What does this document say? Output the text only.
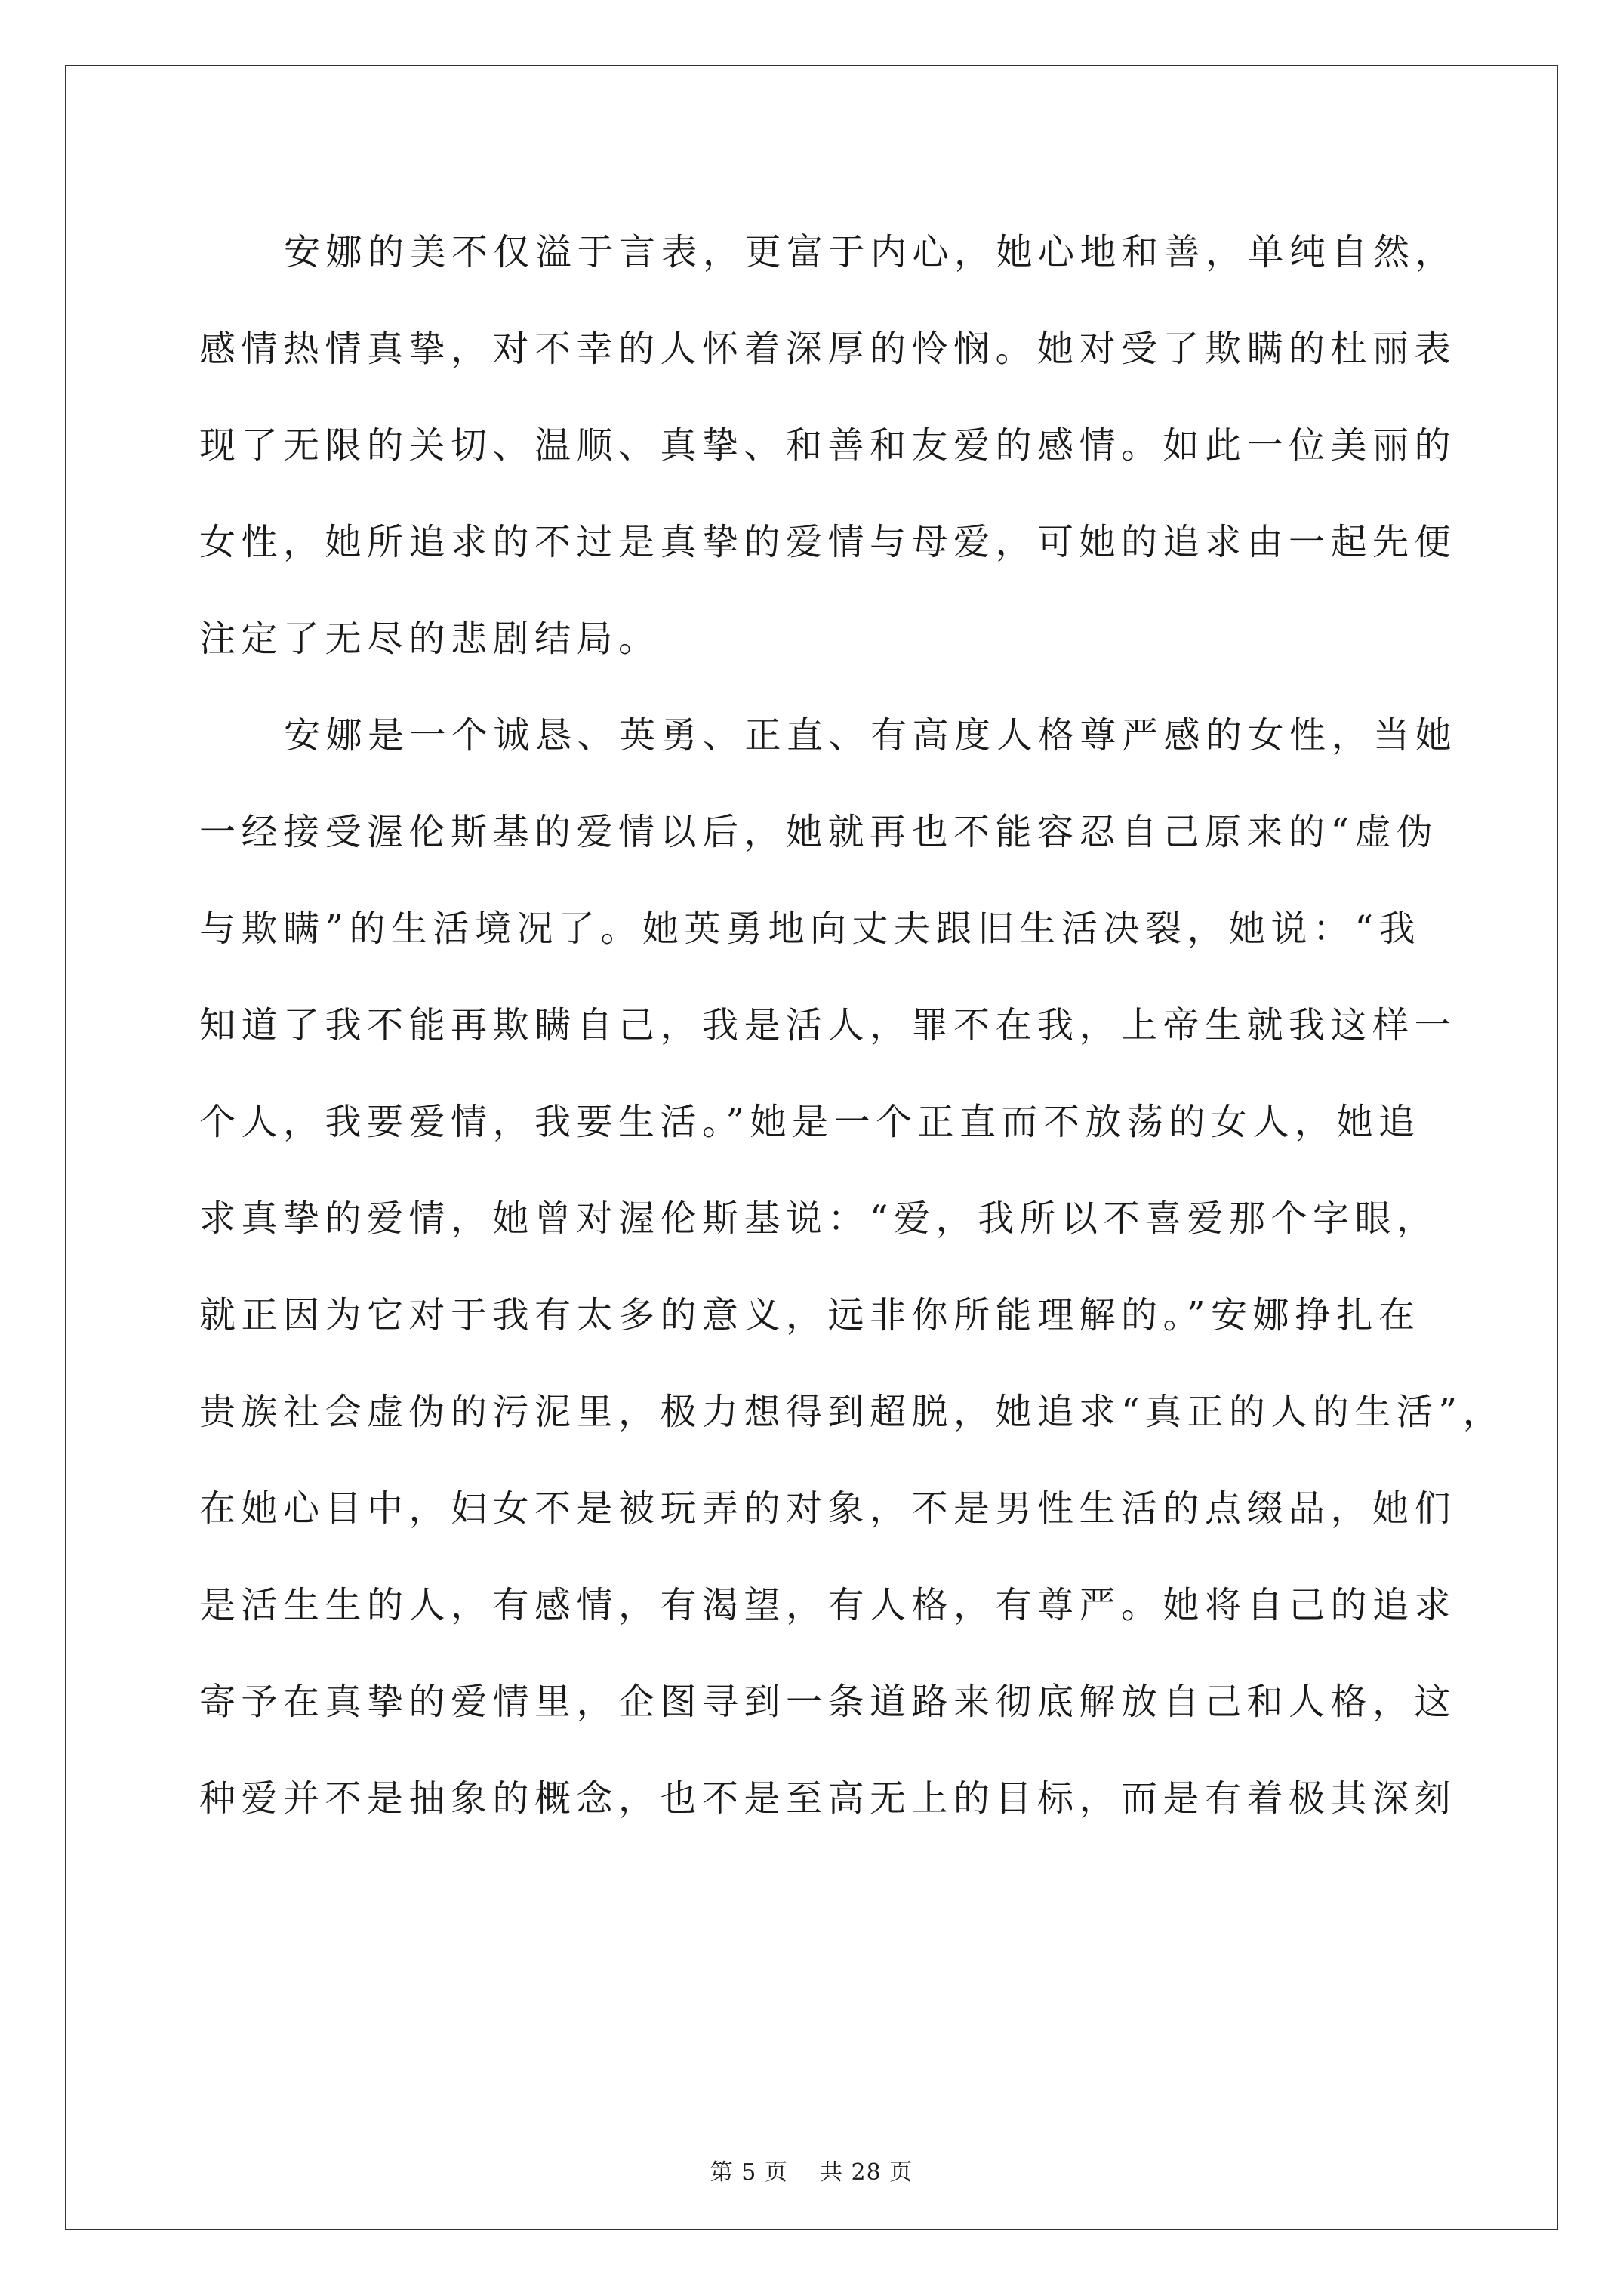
安娜的美不仅溢于言表，更富于内心，她心地和善，单纯自然，
感情热情真挚，对不幸的人怀着深厚的怜悯。她对受了欺瞒的杜丽表
现了无限的关切、温顺、真挚、和善和友爱的感情。如此一位美丽的
女性，她所追求的不过是真挚的爱情与母爱，可她的追求由一起先便
注定了无尽的悲剧结局。
安娜是一个诚恳、英勇、正直、有高度人格尊严感的女性，当她
一经接受渥伦斯基的爱情以后，她就再也不能容忍自己原来的“虚伪
与欺瞒”的生活境况了。她英勇地向丈夫跟旧生活决裂，她说：“我
知道了我不能再欺瞒自己，我是活人，罪不在我，上帝生就我这样一
个人，我要爱情，我要生活。”她是一个正直而不放荡的女人，她追
求真挚的爱情，她曾对渥伦斯基说：“爱，我所以不喜爱那个字眼，
就正因为它对于我有太多的意义，远非你所能理解的。”安娜挣扎在
贵族社会虚伪的污泥里，极力想得到超脱，她追求“真正的人的生活”，
在她心目中，妇女不是被玩弄的对象，不是男性生活的点缀品，她们
是活生生的人，有感情，有渴望，有人格，有尊严。她将自己的追求
寄予在真挚的爱情里，企图寻到一条道路来彻底解放自己和人格，这
种爱并不是抽象的概念，也不是至高无上的目标，而是有着极其深刻
第 5 页    共 28 页
